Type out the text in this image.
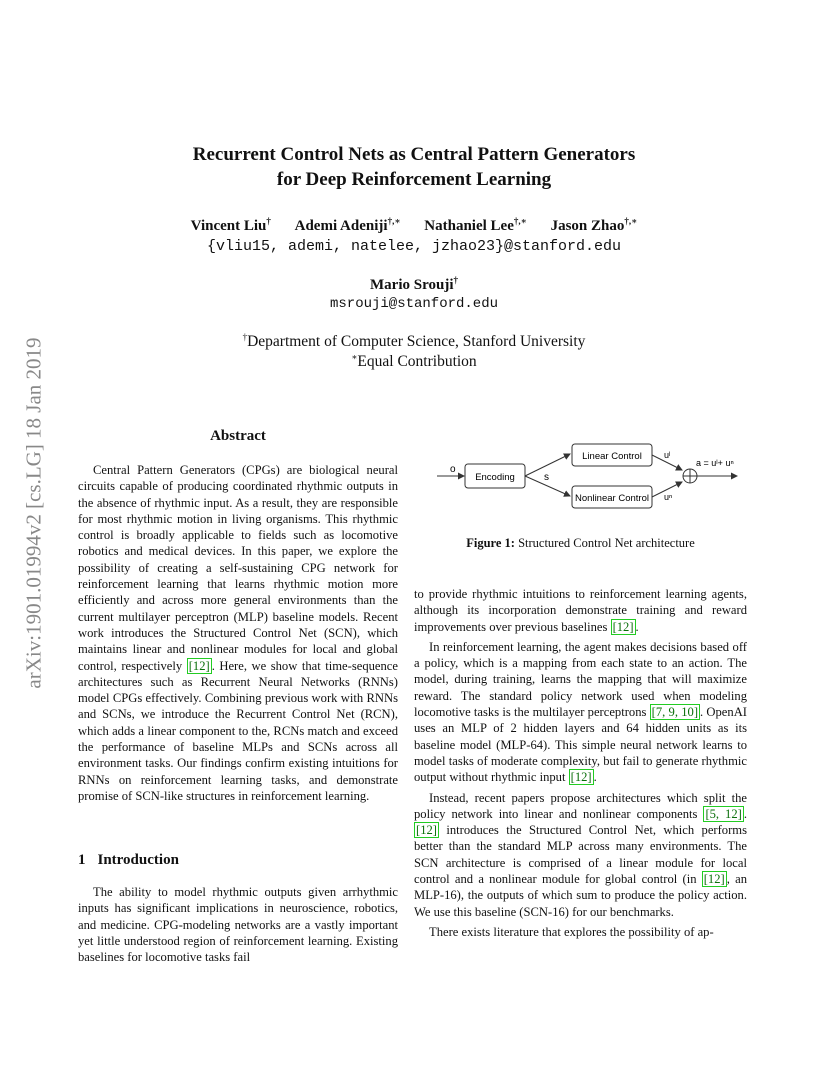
arXiv:1901.01994v2 [cs.LG] 18 Jan 2019
Recurrent Control Nets as Central Pattern Generators
for Deep Reinforcement Learning
Vincent Liu† Ademi Adeniji†,∗ Nathaniel Lee†,∗ Jason Zhao†,∗
{vliu15, ademi, natelee, jzhao23}@stanford.edu
Mario Srouji†
msrouji@stanford.edu
†Department of Computer Science, Stanford University
∗Equal Contribution
Abstract

Central Pattern Generators (CPGs) are biological neural circuits capable of producing coordinated rhythmic outputs in the absence of rhythmic input. As a result, they are responsible for most rhythmic motion in living organisms. This rhythmic control is broadly applicable to fields such as locomotive robotics and medical devices. In this paper, we explore the possibility of creating a self-sustaining CPG network for reinforcement learning that learns rhythmic motion more efficiently and across more general environments than the current multilayer perceptron (MLP) baseline models. Recent work introduces the Structured Control Net (SCN), which maintains linear and nonlinear modules for local and global control, respectively [12] . Here, we show that time-sequence architectures such as Recurrent Neural Networks (RNNs) model CPGs effectively. Combining previous work with RNNs and SCNs, we introduce the Recurrent Control Net (RCN), which adds a linear component to the, RCNs match and exceed the performance of baseline MLPs and SCNs across all environment tasks. Our findings confirm existing intuitions for RNNs on reinforcement learning tasks, and demonstrate promise of SCN-like structures in reinforcement learning.

1 Introduction

The ability to model rhythmic outputs given arrhythmic inputs has significant implications in neuroscience, robotics, and medicine. CPG-modeling networks are a vastly important yet little understood region of reinforcement learning. Existing baselines for locomotive tasks fail

o
Encoding	s
Linear Control
Nonlinear Control
uˡ
uⁿ
a = uˡ+ uⁿ
Figure 1: Structured Control Net architecture

to provide rhythmic intuitions to reinforcement learning agents, although its incorporation demonstrate training and reward improvements over previous baselines [12] .

In reinforcement learning, the agent makes decisions based off a policy, which is a mapping from each state to an action. The model, during training, learns the mapping that will maximize reward. The standard policy network used when modeling locomotive tasks is the multilayer perceptrons [7, 9, 10] . OpenAI uses an MLP of 2 hidden layers and 64 hidden units as its baseline model (MLP-64). This simple neural network learns to model tasks of moderate complexity, but fail to generate rhythmic output without rhythmic input [12] .

Instead, recent papers propose architectures which split the policy network into linear and nonlinear components [5, 12] . [12] introduces the Structured Control Net, which performs better than the standard MLP across many environments. The SCN architecture is comprised of a linear module for local control and a nonlinear module for global control (in [12] , an MLP-16), the outputs of which sum to produce the policy action. We use this baseline (SCN-16) for our benchmarks.

There exists literature that explores the possibility of ap-
